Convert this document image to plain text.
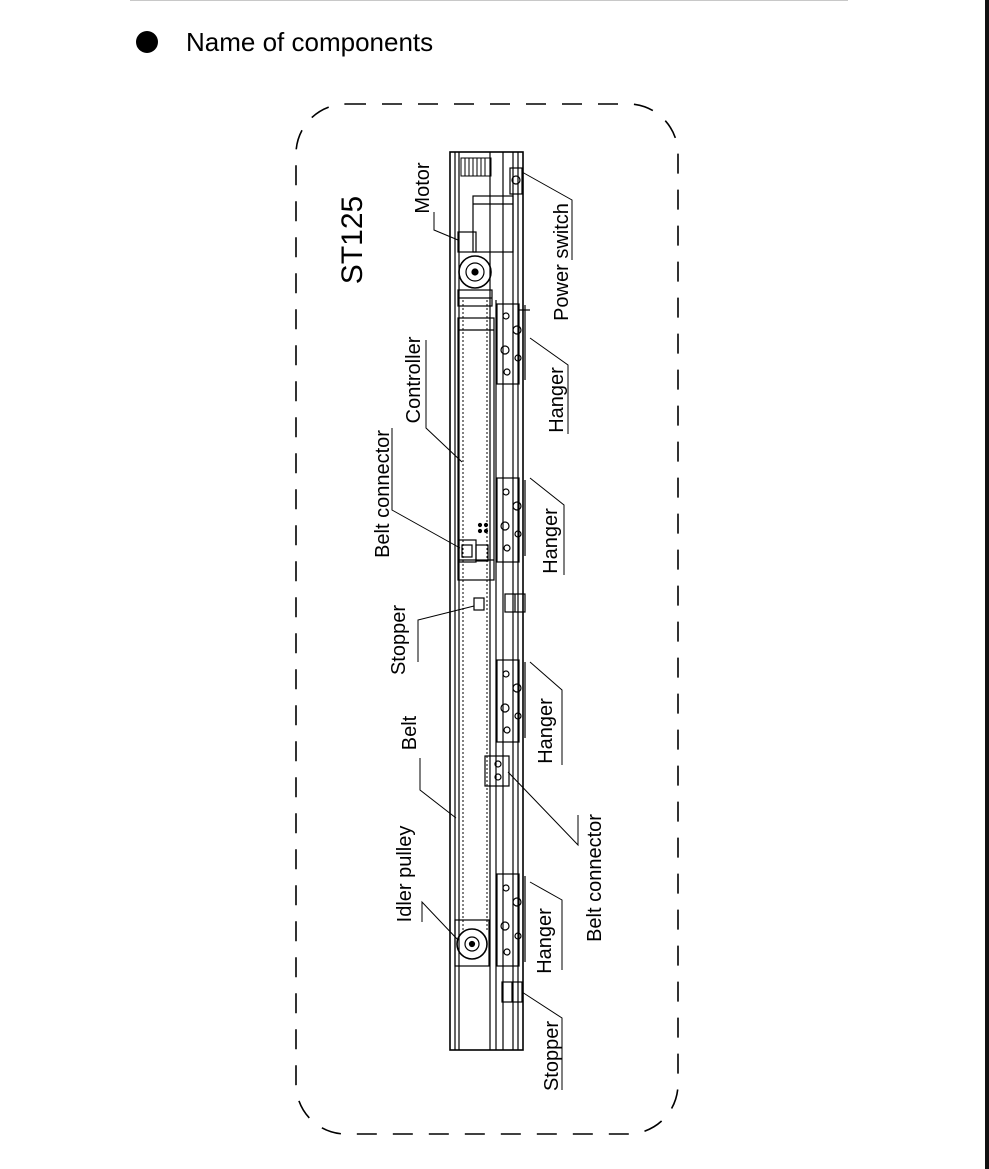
Name of components
ST125
Motor
Controller
Belt connector
Stopper
Belt
Idler pulley
Power switch
Hanger
Hanger
Hanger
Belt connector
Hanger
Stopper
